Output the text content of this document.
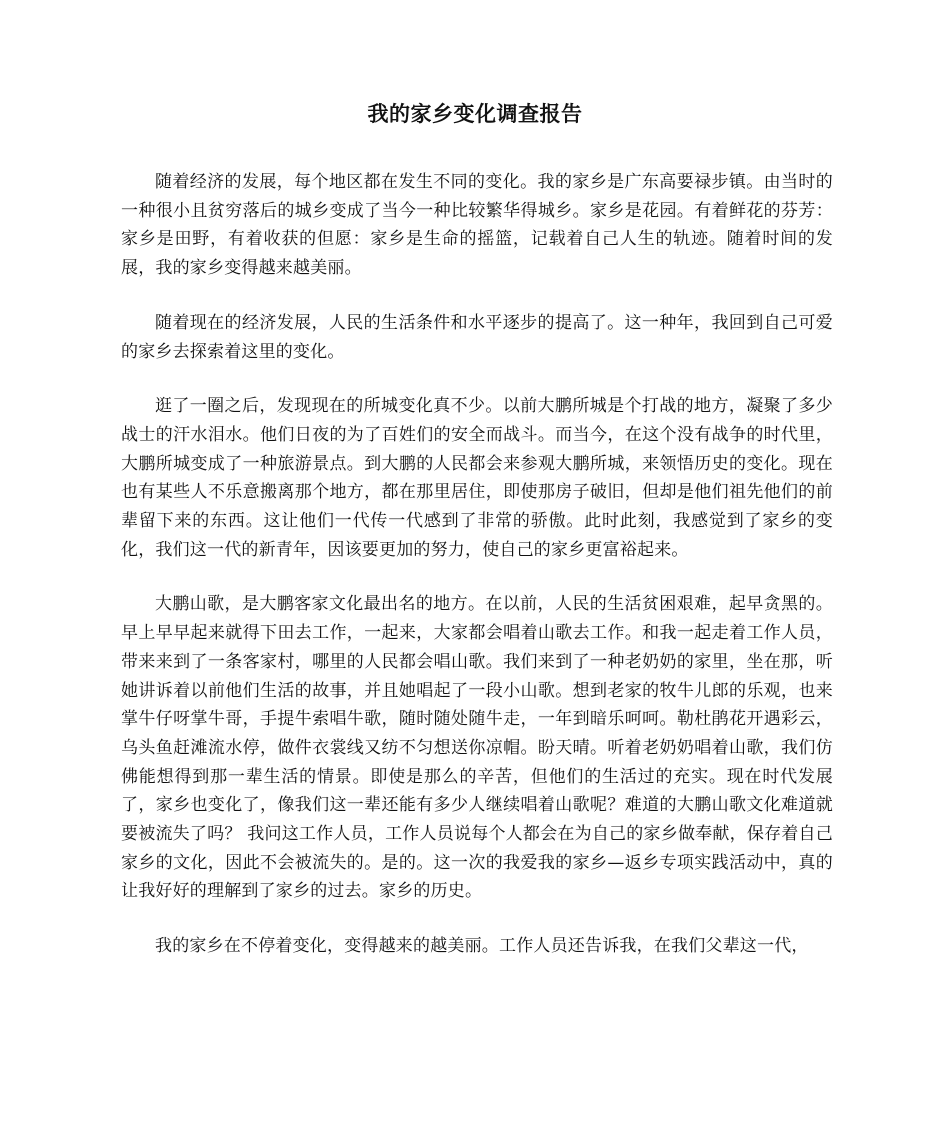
我的家乡变化调查报告

随着经济的发展，每个地区都在发生不同的变化。我的家乡是广东高要禄步镇。由当时的一种很小且贫穷落后的城乡变成了当今一种比较繁华得城乡。家乡是花园。有着鲜花的芬芳：家乡是田野，有着收获的但愿：家乡是生命的摇篮，记载着自己人生的轨迹。随着时间的发展，我的家乡变得越来越美丽。

随着现在的经济发展，人民的生活条件和水平逐步的提高了。这一种年，我回到自己可爱的家乡去探索着这里的变化。

逛了一圈之后，发现现在的所城变化真不少。以前大鹏所城是个打战的地方，凝聚了多少战士的汗水泪水。他们日夜的为了百姓们的安全而战斗。而当今，在这个没有战争的时代里，大鹏所城变成了一种旅游景点。到大鹏的人民都会来参观大鹏所城，来领悟历史的变化。现在也有某些人不乐意搬离那个地方，都在那里居住，即使那房子破旧，但却是他们祖先他们的前辈留下来的东西。这让他们一代传一代感到了非常的骄傲。此时此刻，我感觉到了家乡的变化，我们这一代的新青年，因该要更加的努力，使自己的家乡更富裕起来。

大鹏山歌，是大鹏客家文化最出名的地方。在以前，人民的生活贫困艰难，起早贪黑的。早上早早起来就得下田去工作，一起来，大家都会唱着山歌去工作。和我一起走着工作人员，带来来到了一条客家村，哪里的人民都会唱山歌。我们来到了一种老奶奶的家里，坐在那，听她讲诉着以前他们生活的故事，并且她唱起了一段小山歌。想到老家的牧牛儿郎的乐观，也来掌牛仔呀掌牛哥，手提牛索唱牛歌，随时随处随牛走，一年到暗乐呵呵。勒杜鹃花开遇彩云，乌头鱼赶滩流水停，做件衣裳线又纺不匀想送你凉帽。盼天晴。听着老奶奶唱着山歌，我们仿佛能想得到那一辈生活的情景。即使是那么的辛苦，但他们的生活过的充实。现在时代发展了，家乡也变化了，像我们这一辈还能有多少人继续唱着山歌呢？难道的大鹏山歌文化难道就要被流失了吗？ 我问这工作人员，工作人员说每个人都会在为自己的家乡做奉献，保存着自己家乡的文化，因此不会被流失的。是的。这一次的我爱我的家乡—返乡专项实践活动中，真的让我好好的理解到了家乡的过去。家乡的历史。

我的家乡在不停着变化，变得越来的越美丽。工作人员还告诉我，在我们父辈这一代，
